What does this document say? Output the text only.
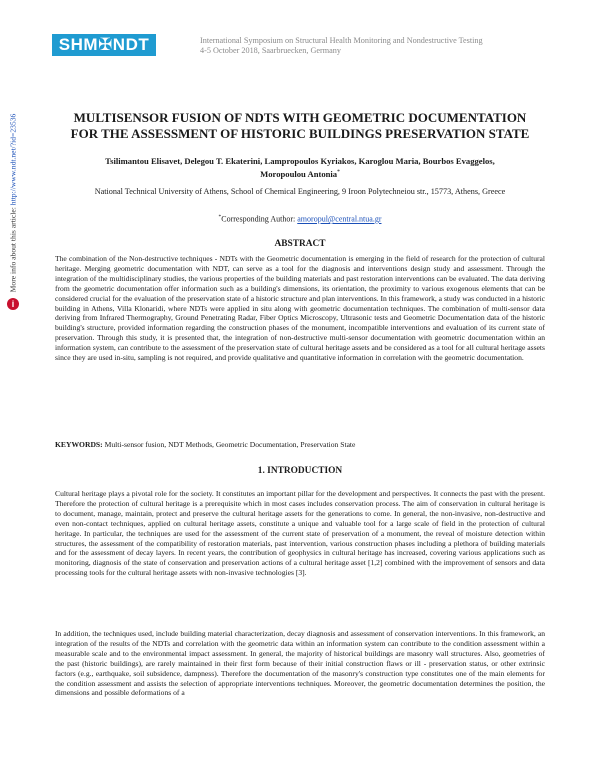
SHM✠NDT	International Symposium on Structural Health Monitoring and Nondestructive Testing
4-5 October 2018, Saarbruecken, Germany
More info about this article: http://www.ndt.net/?id=23536
i
MULTISENSOR FUSION OF NDTS WITH GEOMETRIC DOCUMENTATION
FOR THE ASSESSMENT OF HISTORIC BUILDINGS PRESERVATION STATE
Tsilimantou Elisavet, Delegou T. Ekaterini, Lampropoulos Kyriakos, Karoglou Maria, Bourbos Evaggelos,
Moropoulou Antonia*
National Technical University of Athens, School of Chemical Engineering, 9 Iroon Polytechneiou str., 15773, Athens, Greece
*Corresponding Author: amoropul@central.ntua.gr
ABSTRACT
The combination of the Non-destructive techniques - NDTs with the Geometric documentation is emerging in the field of research for the protection of cultural heritage. Merging geometric documentation with NDT, can serve as a tool for the diagnosis and interventions design study and assessment. Through the integration of the multidisciplinary studies, the various properties of the building materials and past restoration interventions can be evaluated. The data deriving from the geometric documentation offer information such as a building's dimensions, its orientation, the proximity to various exogenous elements that can be considered crucial for the evaluation of the preservation state of a historic structure and plan interventions. In this framework, a study was conducted in a historic building in Athens, Villa Klonaridi, where NDTs were applied in situ along with geometric documentation techniques. The combination of multi-sensor data deriving from Infrared Thermography, Ground Penetrating Radar, Fiber Optics Microscopy, Ultrasonic tests and Geometric Documentation data of the historic building's structure, provided information regarding the construction phases of the monument, incompatible interventions and evaluation of its current state of preservation. Through this study, it is presented that, the integration of non-destructive multi-sensor documentation with geometric documentation within an information system, can contribute to the assessment of the preservation state of cultural heritage assets and be considered as a tool for all cultural heritage assets since they are used in-situ, sampling is not required, and provide qualitative and quantitative information in correlation with the geometric documentation.
KEYWORDS: Multi-sensor fusion, NDT Methods, Geometric Documentation, Preservation State
1. INTRODUCTION
Cultural heritage plays a pivotal role for the society. It constitutes an important pillar for the development and perspectives. It connects the past with the present. Therefore the protection of cultural heritage is a prerequisite which in most cases includes conservation process. The aim of conservation in cultural heritage is to document, manage, maintain, protect and preserve the cultural heritage assets for the generations to come. In general, the non-invasive, non-destructive and even non-contact techniques, applied on cultural heritage assets, constitute a unique and valuable tool for a large scale of field in the protection of cultural heritage. In particular, the techniques are used for the assessment of the current state of preservation of a monument, the reveal of moisture detection within structures, the assessment of the compatibility of restoration materials, past intervention, various construction phases including a plethora of building materials and for the assessment of decay layers. In recent years, the contribution of geophysics in cultural heritage has increased, covering various applications such as monitoring, diagnosis of the state of conservation and preservation actions of a cultural heritage asset [1,2] combined with the improvement of sensors and data processing tools for the cultural heritage assets with non-invasive technologies [3].
In addition, the techniques used, include building material characterization, decay diagnosis and assessment of conservation interventions. In this framework, an integration of the results of the NDTs and correlation with the geometric data within an information system can contribute to the condition assessment within a measurable scale and to the environmental impact assessment. In general, the majority of historical buildings are masonry wall structures. Also, geometries of the past (historic buildings), are rarely maintained in their first form because of their initial construction flaws or ill - preservation status, or other extrinsic factors (e.g., earthquake, soil subsidence, dampness). Therefore the documentation of the masonry's construction type constitutes one of the main elements for the condition assessment and assists the selection of appropriate interventions techniques. Moreover, the geometric documentation determines the position, the dimensions and possible deformations of a
